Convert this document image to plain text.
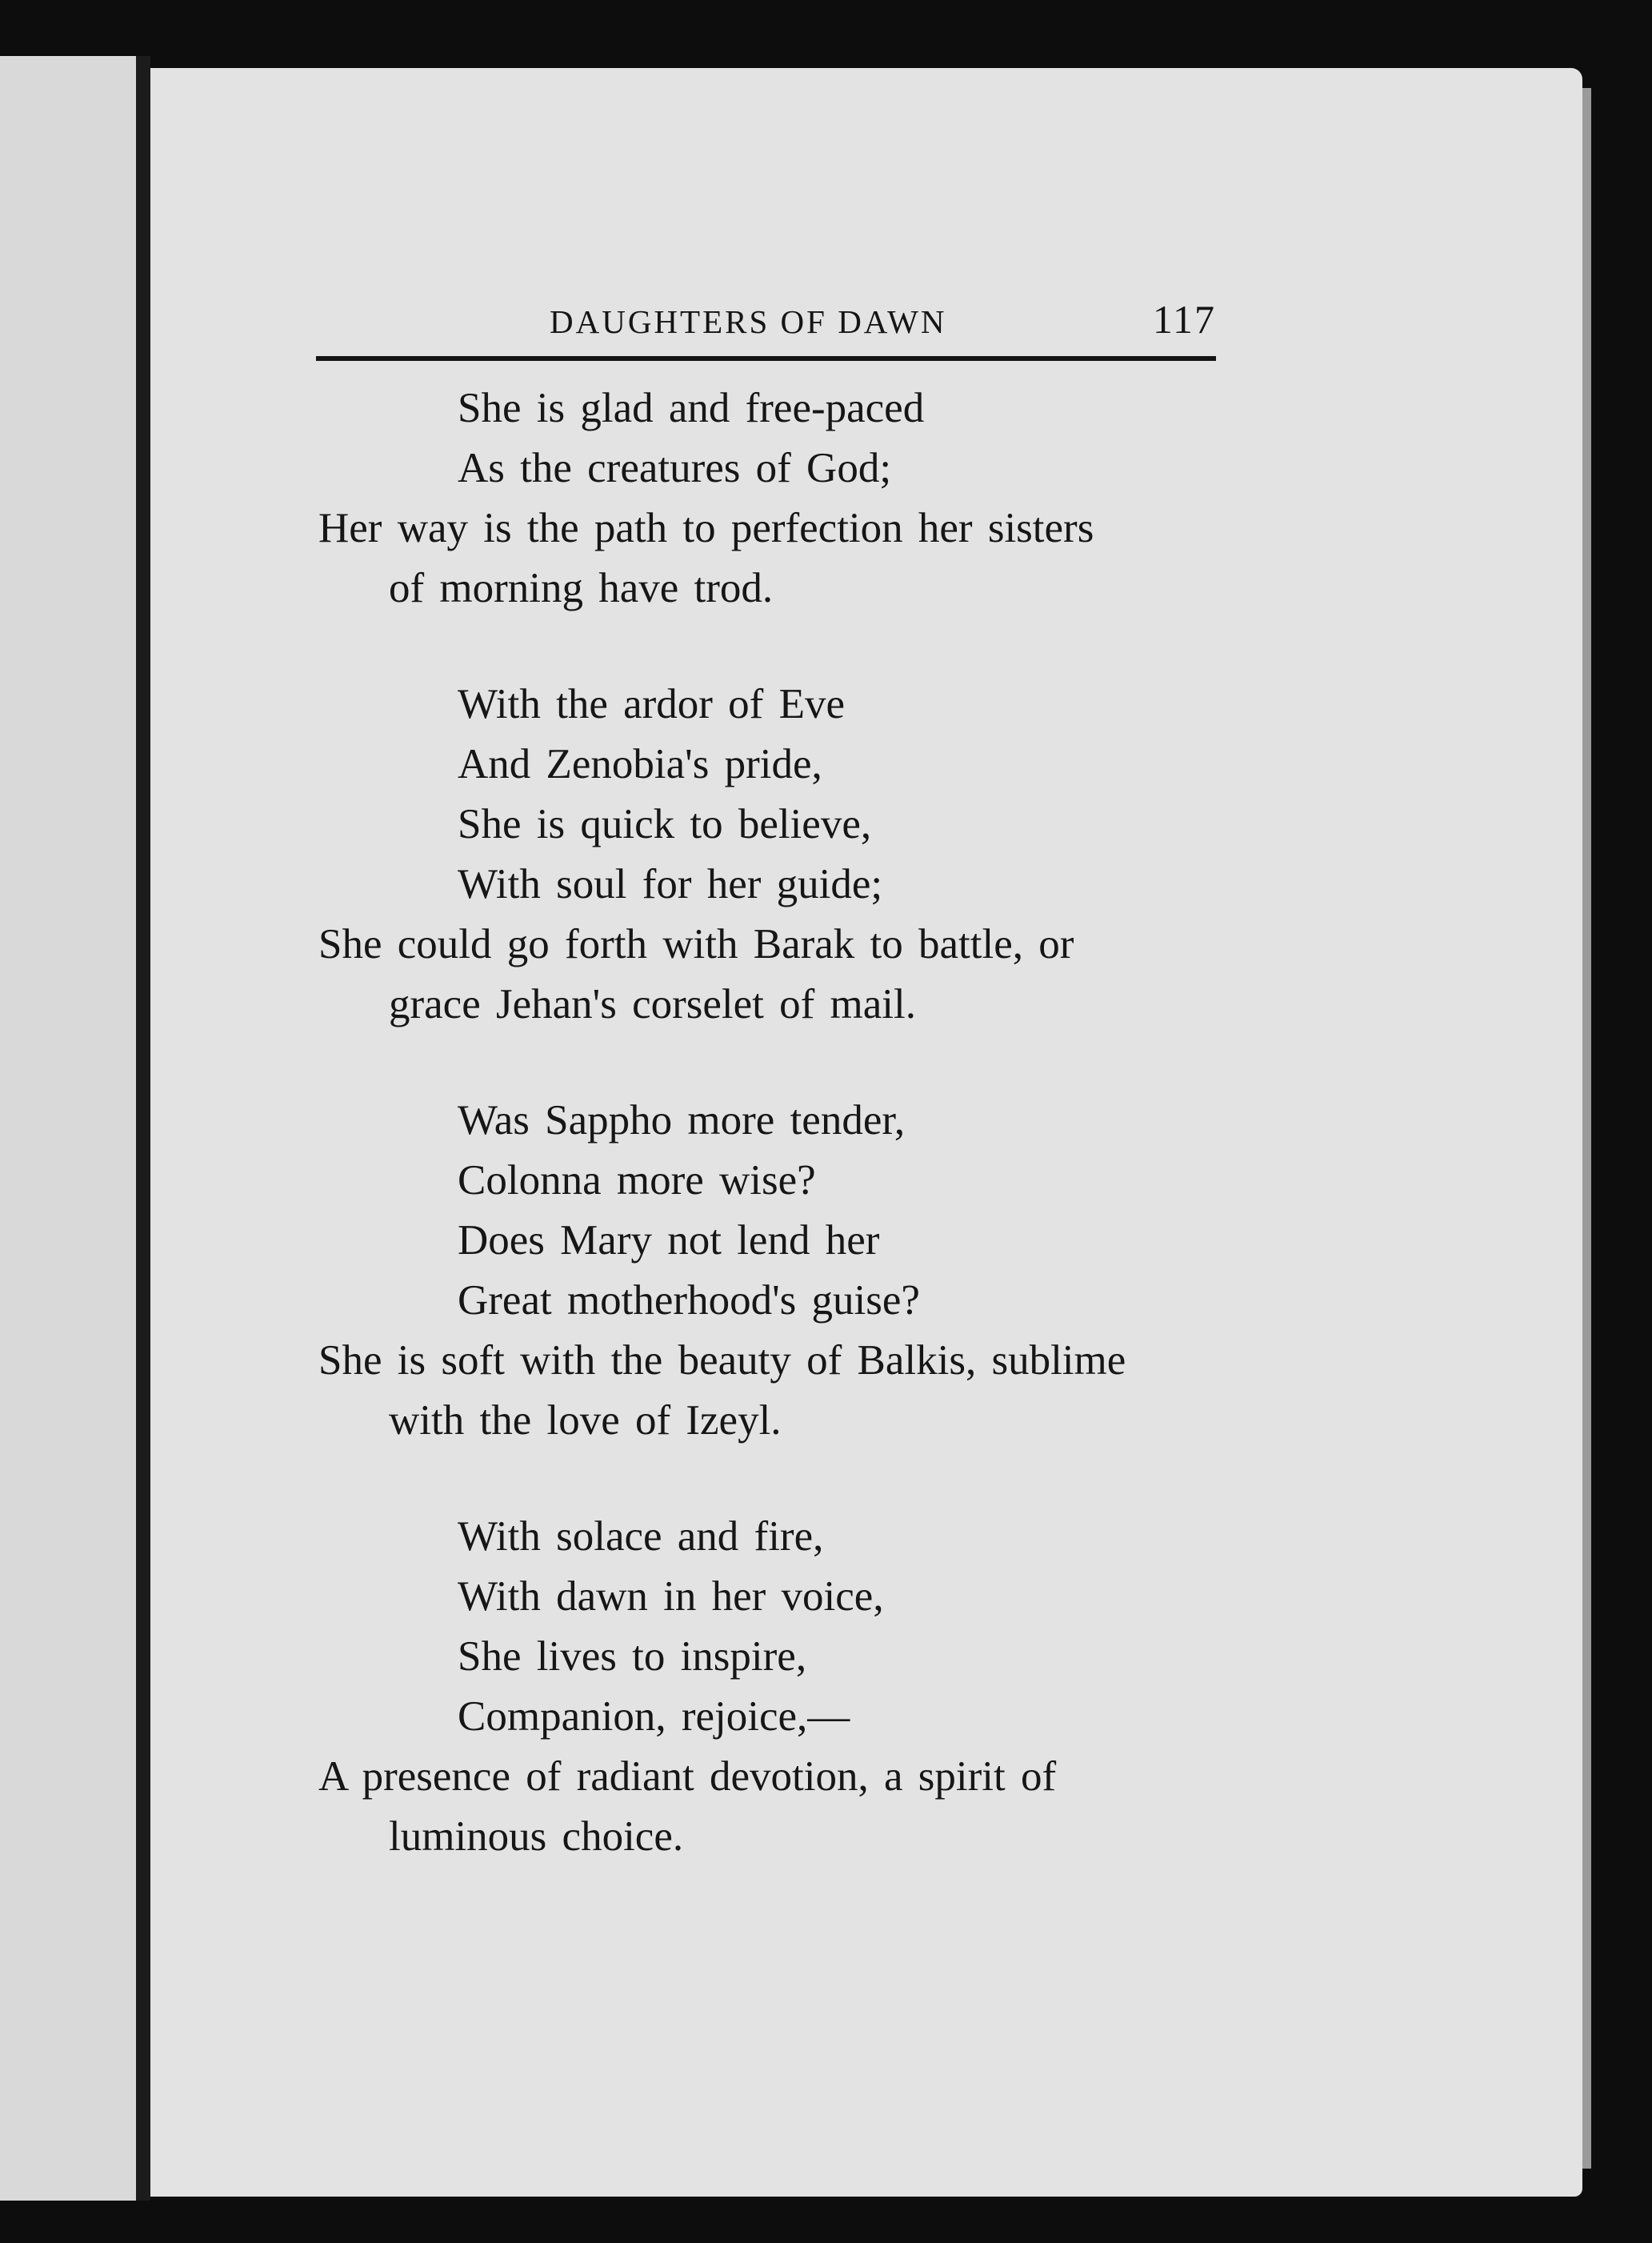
DAUGHTERS OF DAWN	117
She is glad and free-paced
As the creatures of God;
Her way is the path to perfection her sisters
of morning have trod.
With the ardor of Eve
And Zenobia's pride,
She is quick to believe,
With soul for her guide;
She could go forth with Barak to battle, or
grace Jehan's corselet of mail.
Was Sappho more tender,
Colonna more wise?
Does Mary not lend her
Great motherhood's guise?
She is soft with the beauty of Balkis, sublime
with the love of Izeyl.
With solace and fire,
With dawn in her voice,
She lives to inspire,
Companion, rejoice,—
A presence of radiant devotion, a spirit of
luminous choice.
